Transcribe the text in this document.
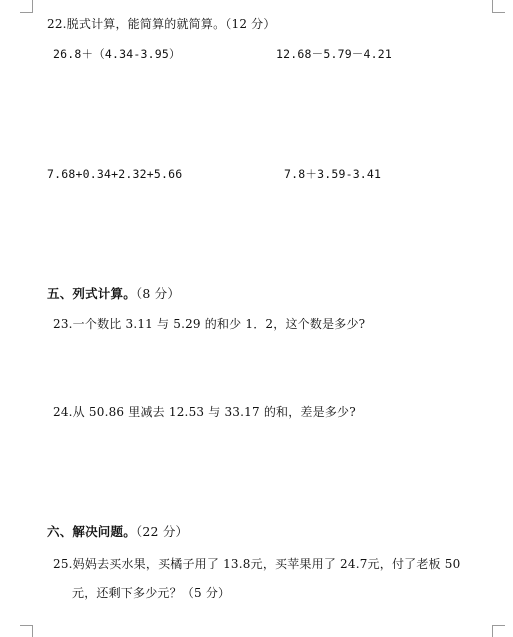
22.脱式计算，能简算的就简算。（12 分）
26.8＋（4.34-3.95）	12.68－5.79－4.21
7.68+0.34+2.32+5.66	7.8＋3.59-3.41
五、列式计算。（8 分）
23.一个数比 3.11 与 5.29 的和少 1．2，这个数是多少?
24.从 50.86 里减去 12.53 与 33.17 的和，差是多少?
六、解决问题。（22 分）
25.妈妈去买水果，买橘子用了 13.8元，买苹果用了 24.7元，付了老板 50
元，还剩下多少元？（5 分）
